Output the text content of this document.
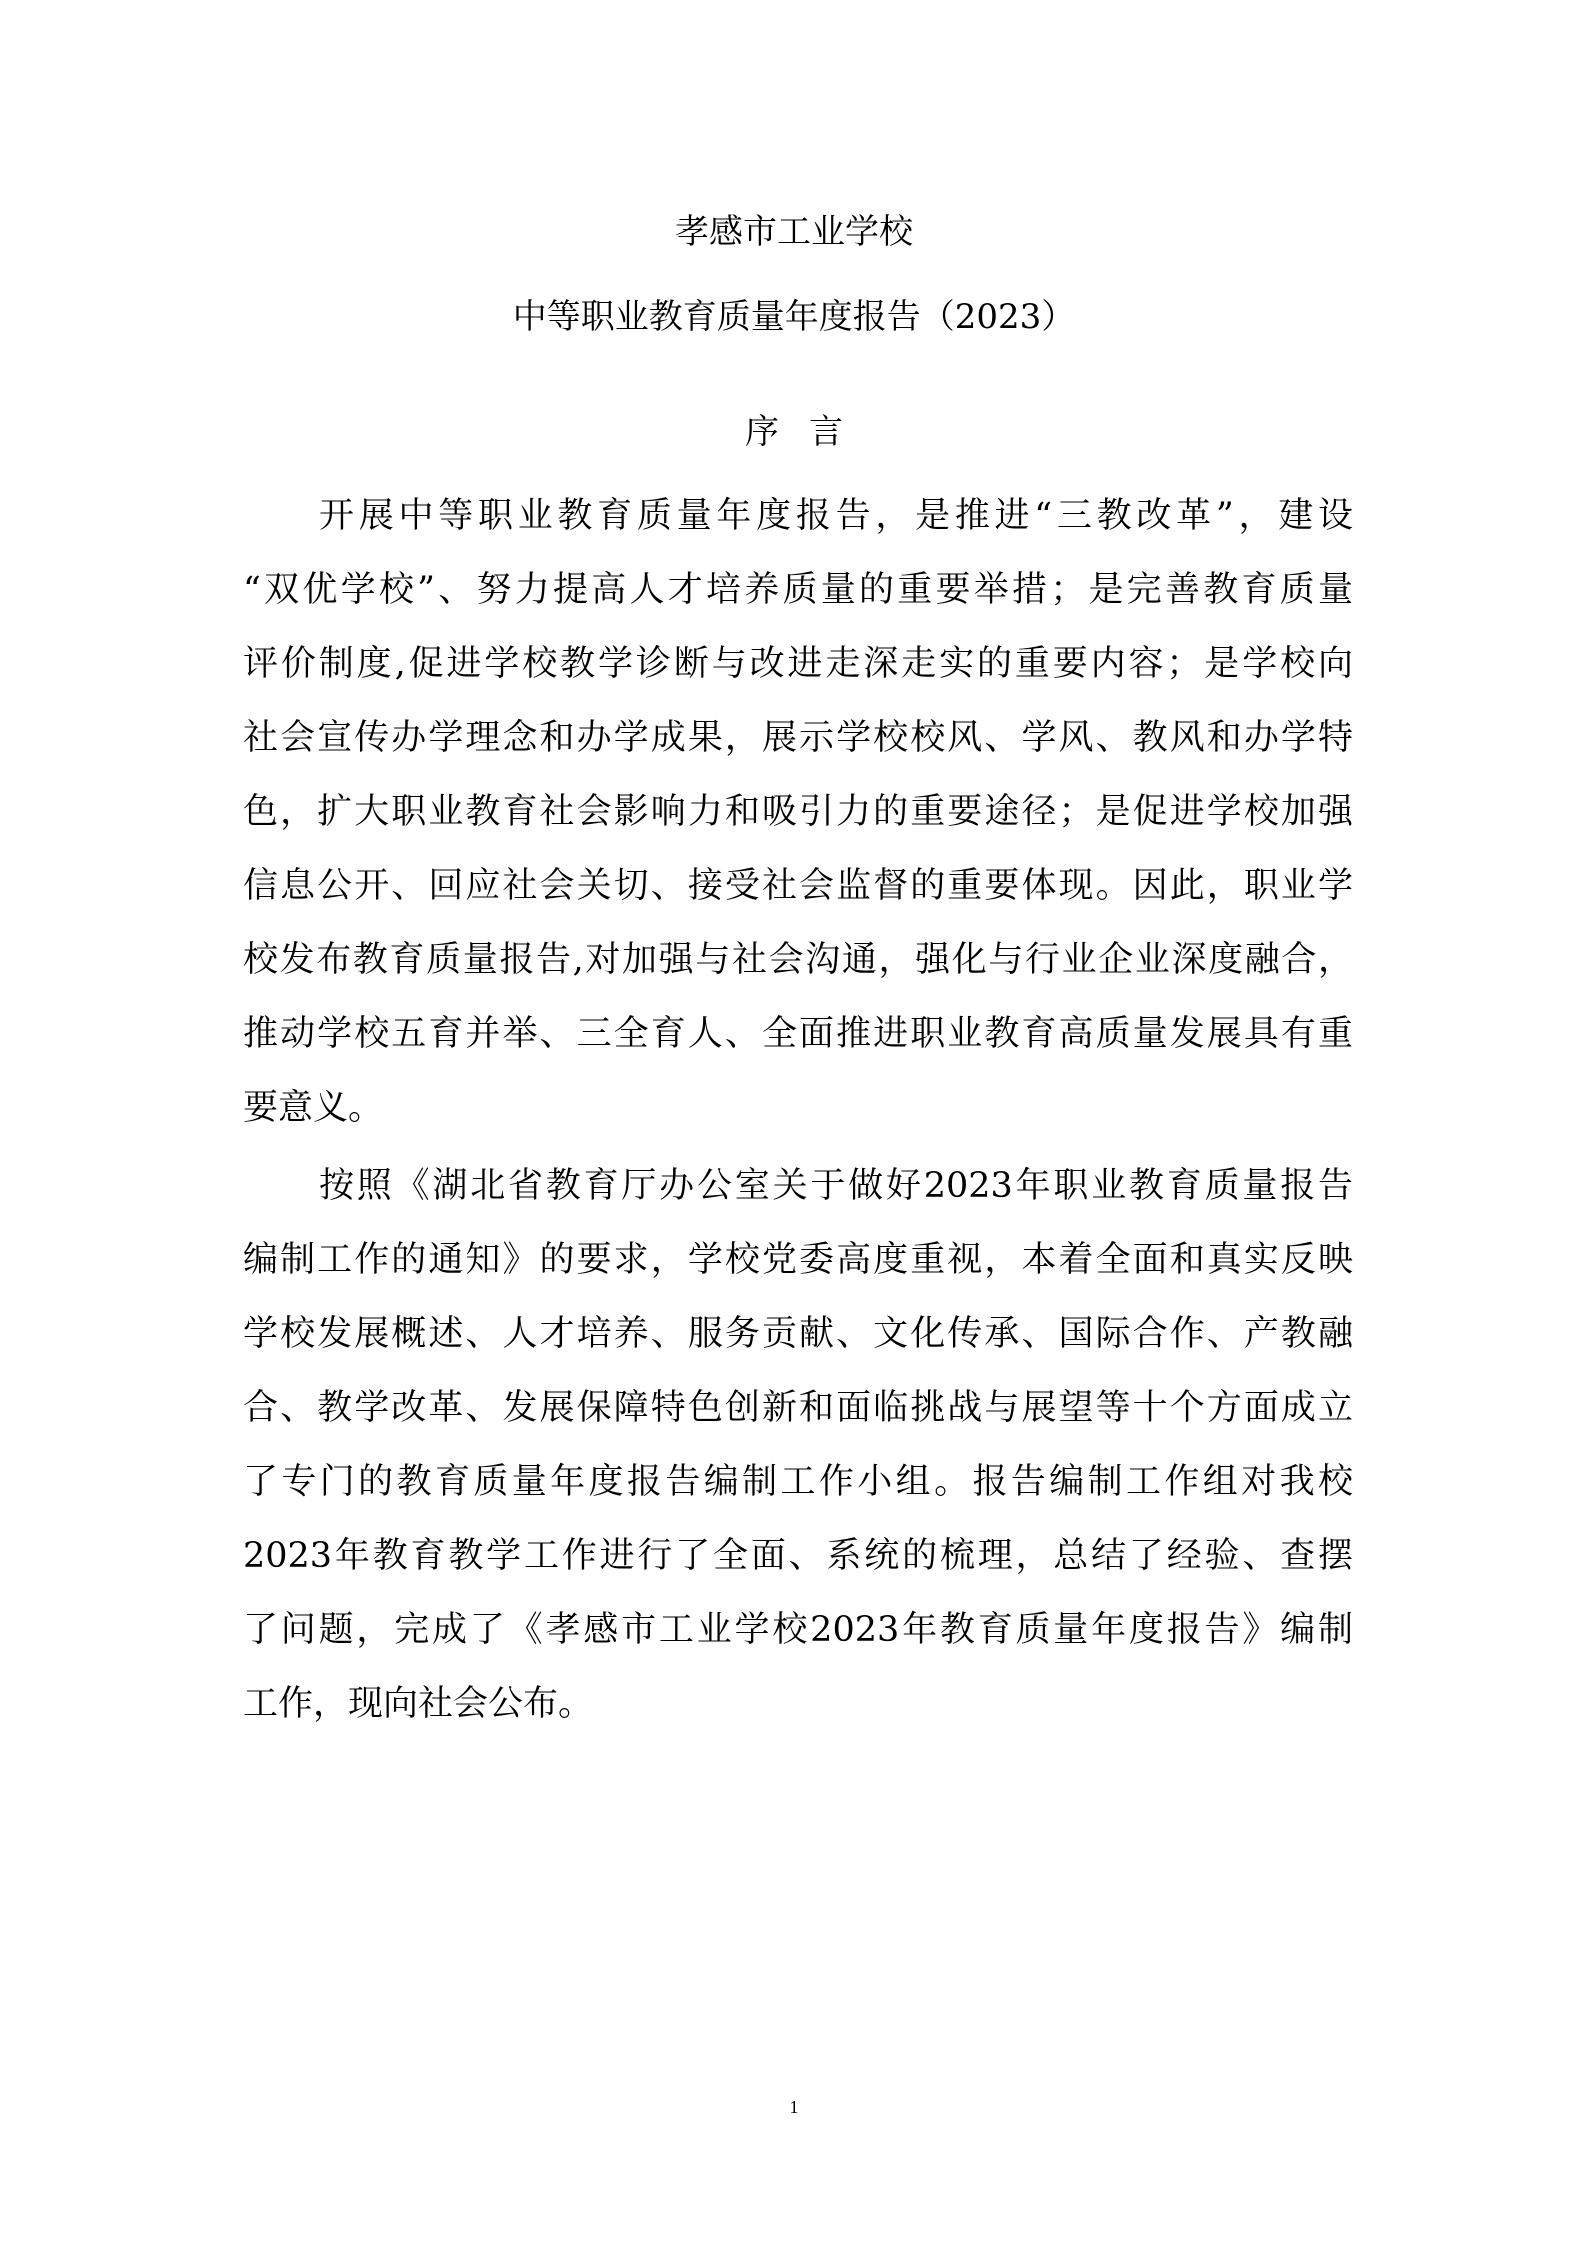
孝感市工业学校
中等职业教育质量年度报告（2023）
序言
开展中等职业教育质量年度报告，是推进“三教改革”，建设
“双优学校”、努力提高人才培养质量的重要举措；是完善教育质量
评价制度,促进学校教学诊断与改进走深走实的重要内容；是学校向
社会宣传办学理念和办学成果，展示学校校风、学风、教风和办学特
色，扩大职业教育社会影响力和吸引力的重要途径；是促进学校加强
信息公开、回应社会关切、接受社会监督的重要体现。因此，职业学
校发布教育质量报告,对加强与社会沟通，强化与行业企业深度融合，
推动学校五育并举、三全育人、全面推进职业教育高质量发展具有重
要意义。
按照《湖北省教育厅办公室关于做好2023年职业教育质量报告
编制工作的通知》的要求，学校党委高度重视，本着全面和真实反映
学校发展概述、人才培养、服务贡献、文化传承、国际合作、产教融
合、教学改革、发展保障特色创新和面临挑战与展望等十个方面成立
了专门的教育质量年度报告编制工作小组。报告编制工作组对我校
2023年教育教学工作进行了全面、系统的梳理，总结了经验、查摆
了问题，完成了《孝感市工业学校2023年教育质量年度报告》编制
工作，现向社会公布。
1
